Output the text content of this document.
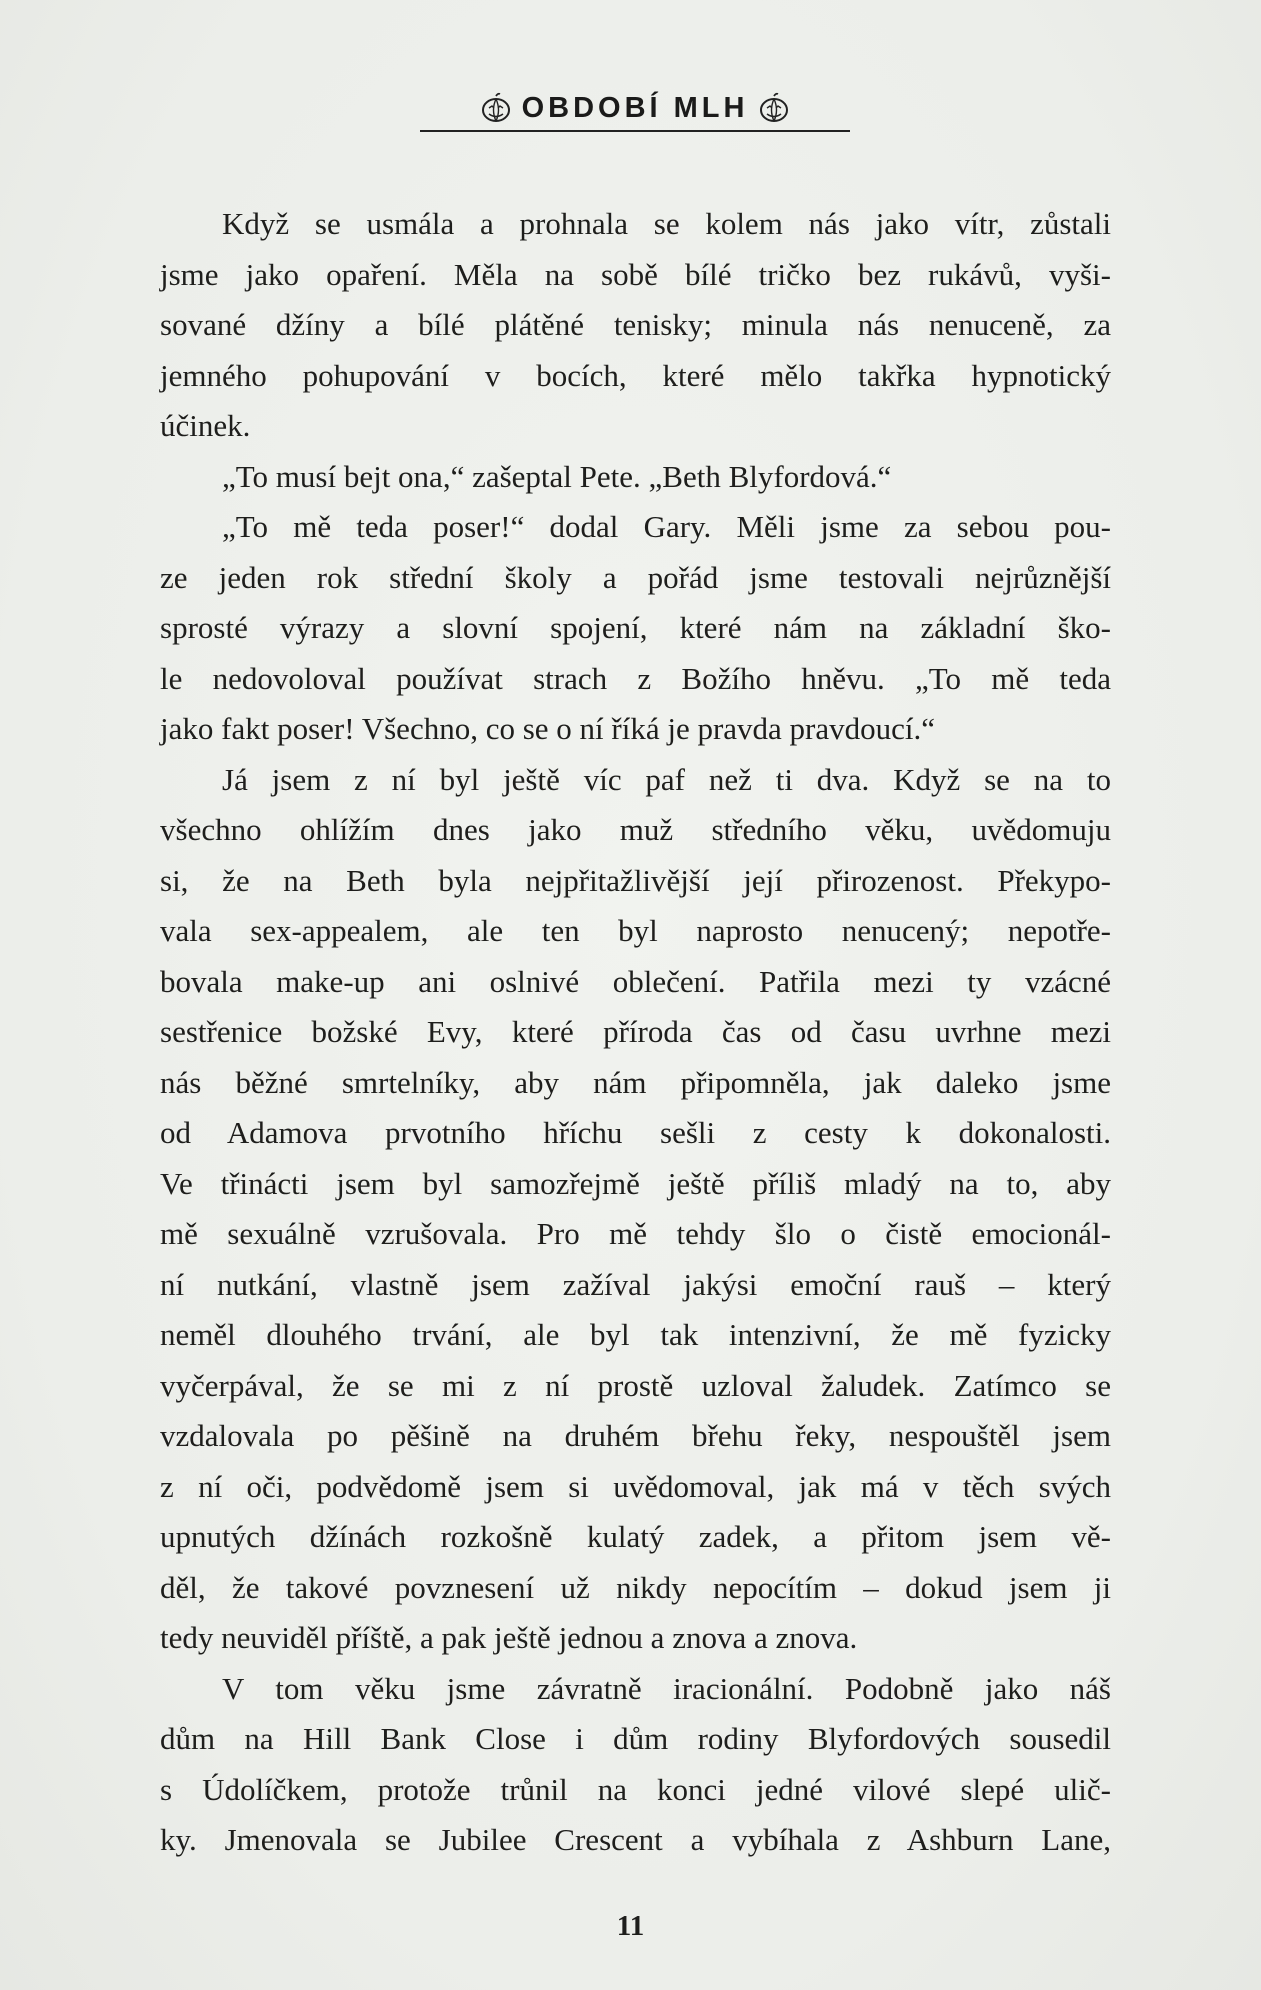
OBDOBÍ MLH
Když se usmála a prohnala se kolem nás jako vítr, zůstali
jsme jako opaření. Měla na sobě bílé tričko bez rukávů, vyši-
sované džíny a bílé plátěné tenisky; minula nás nenuceně, za
jemného pohupování v bocích, které mělo takřka hypnotický
účinek.
„To musí bejt ona,“ zašeptal Pete. „Beth Blyfordová.“
„To mě teda poser!“ dodal Gary. Měli jsme za sebou pou-
ze jeden rok střední školy a pořád jsme testovali nejrůznější
sprosté výrazy a slovní spojení, které nám na základní ško-
le nedovoloval používat strach z Božího hněvu. „To mě teda
jako fakt poser! Všechno, co se o ní říká je pravda pravdoucí.“
Já jsem z ní byl ještě víc paf než ti dva. Když se na to
všechno ohlížím dnes jako muž středního věku, uvědomuju
si, že na Beth byla nejpřitažlivější její přirozenost. Překypo-
vala sex-appealem, ale ten byl naprosto nenucený; nepotře-
bovala make-up ani oslnivé oblečení. Patřila mezi ty vzácné
sestřenice božské Evy, které příroda čas od času uvrhne mezi
nás běžné smrtelníky, aby nám připomněla, jak daleko jsme
od Adamova prvotního hříchu sešli z cesty k dokonalosti.
Ve třinácti jsem byl samozřejmě ještě příliš mladý na to, aby
mě sexuálně vzrušovala. Pro mě tehdy šlo o čistě emocionál-
ní nutkání, vlastně jsem zažíval jakýsi emoční rauš – který
neměl dlouhého trvání, ale byl tak intenzivní, že mě fyzicky
vyčerpával, že se mi z ní prostě uzloval žaludek. Zatímco se
vzdalovala po pěšině na druhém břehu řeky, nespouštěl jsem
z ní oči, podvědomě jsem si uvědomoval, jak má v těch svých
upnutých džínách rozkošně kulatý zadek, a přitom jsem vě-
děl, že takové povznesení už nikdy nepocítím – dokud jsem ji
tedy neuviděl příště, a pak ještě jednou a znova a znova.
V tom věku jsme závratně iracionální. Podobně jako náš
dům na Hill Bank Close i dům rodiny Blyfordových sousedil
s Údolíčkem, protože trůnil na konci jedné vilové slepé ulič-
ky. Jmenovala se Jubilee Crescent a vybíhala z Ashburn Lane,
11
